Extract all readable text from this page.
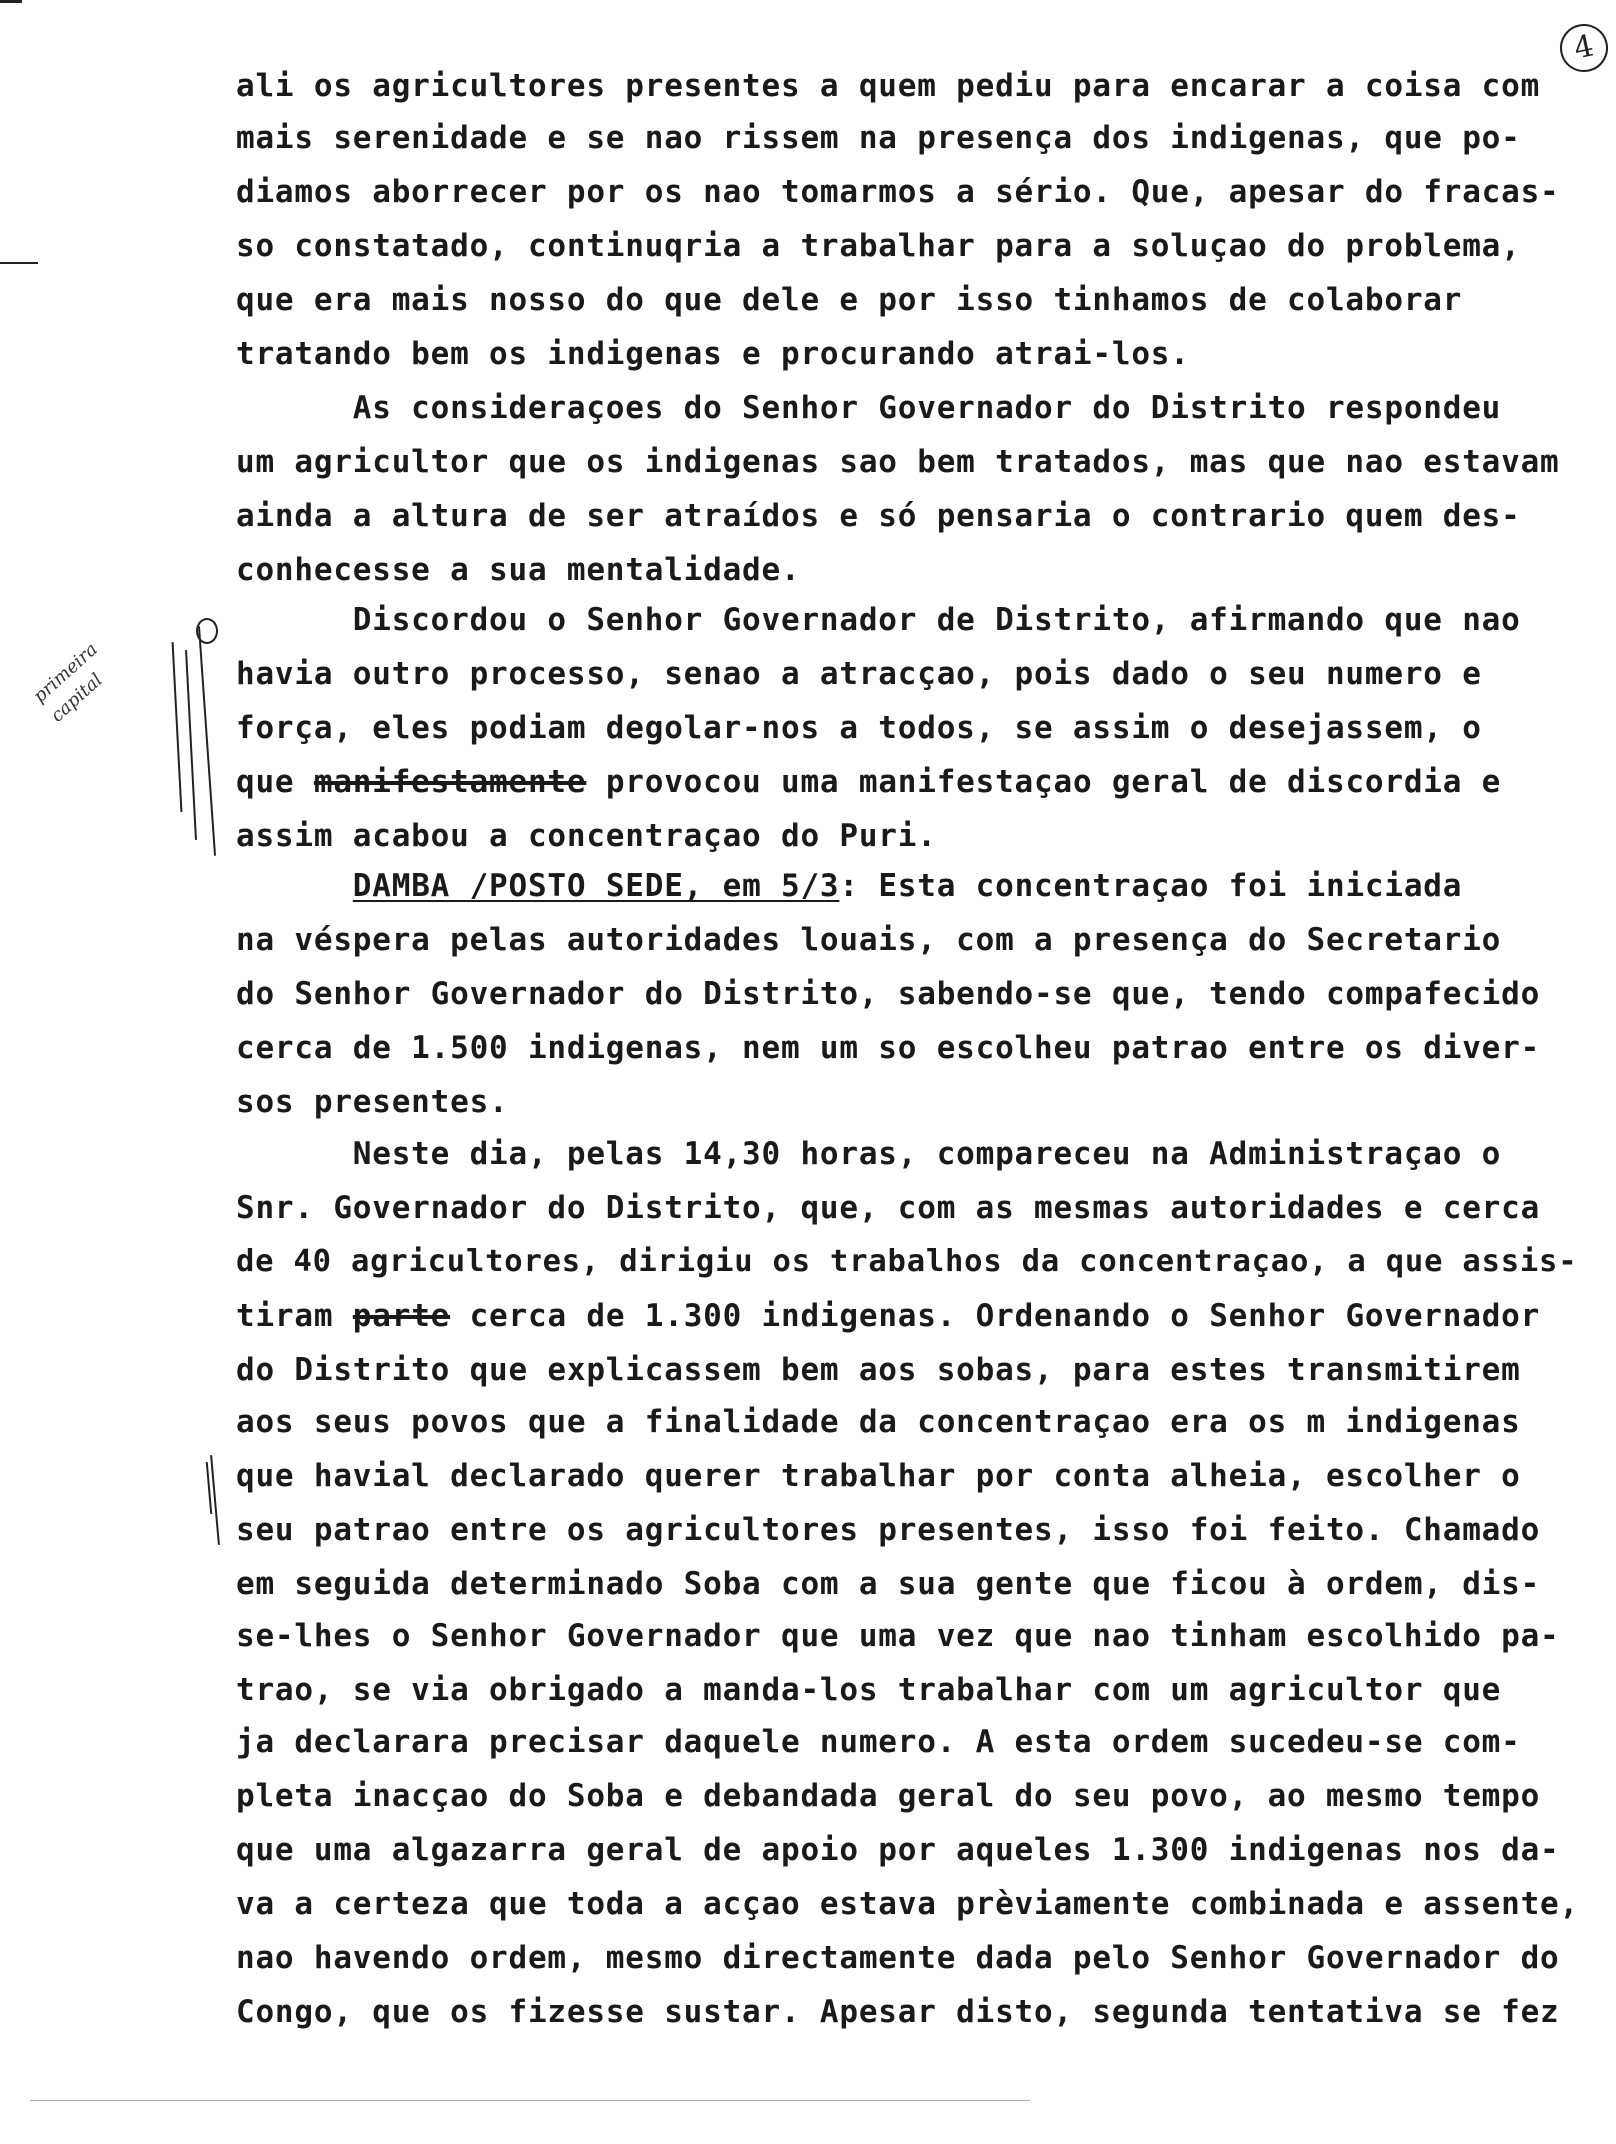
4
primeira capital
ali os agricultores presentes a quem pediu para encarar a coisa com
mais serenidade e se nao rissem na presença dos indigenas, que po-
diamos aborrecer por os nao tomarmos a sério. Que, apesar do fracas-
so constatado, continuqria a trabalhar para a soluçao do problema,
que era mais nosso do que dele e por isso tinhamos de colaborar
tratando bem os indigenas e procurando atrai-los.
As consideraçoes do Senhor Governador do Distrito respondeu
um agricultor que os indigenas sao bem tratados, mas que nao estavam
ainda a altura de ser atraídos e só pensaria o contrario quem des-
conhecesse a sua mentalidade.
Discordou o Senhor Governador de Distrito, afirmando que nao
havia outro processo, senao a atracçao, pois dado o seu numero e
força, eles podiam degolar-nos a todos, se assim o desejassem, o
que manifestamente provocou uma manifestaçao geral de discordia e
assim acabou a concentraçao do Puri.
DAMBA /POSTO SEDE, em 5/3: Esta concentraçao foi iniciada
na véspera pelas autoridades louais, com a presença do Secretario
do Senhor Governador do Distrito, sabendo-se que, tendo compafecido
cerca de 1.500 indigenas, nem um so escolheu patrao entre os diver-
sos presentes.
Neste dia, pelas 14,30 horas, compareceu na Administraçao o
Snr. Governador do Distrito, que, com as mesmas autoridades e cerca
de 40 agricultores, dirigiu os trabalhos da concentraçao, a que assis-
tiram parte cerca de 1.300 indigenas. Ordenando o Senhor Governador
do Distrito que explicassem bem aos sobas, para estes transmitirem
aos seus povos que a finalidade da concentraçao era os m indigenas
que havial declarado querer trabalhar por conta alheia, escolher o
seu patrao entre os agricultores presentes, isso foi feito. Chamado
em seguida determinado Soba com a sua gente que ficou à ordem, dis-
se-lhes o Senhor Governador que uma vez que nao tinham escolhido pa-
trao, se via obrigado a manda-los trabalhar com um agricultor que
ja declarara precisar daquele numero. A esta ordem sucedeu-se com-
pleta inacçao do Soba e debandada geral do seu povo, ao mesmo tempo
que uma algazarra geral de apoio por aqueles 1.300 indigenas nos da-
va a certeza que toda a acçao estava prèviamente combinada e assente,
nao havendo ordem, mesmo directamente dada pelo Senhor Governador do
Congo, que os fizesse sustar. Apesar disto, segunda tentativa se fez
